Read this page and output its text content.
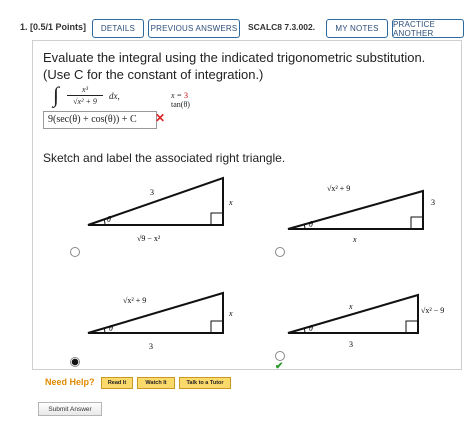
1. [0.5/1 Points]	DETAILS	PREVIOUS ANSWERS	SCALC8 7.3.002.	MY NOTES	PRACTICE ANOTHER
Evaluate the integral using the indicated trigonometric substitution. (Use C for the constant of integration.)
∫	x³
√x² + 9
dx,	x = 3 tan(θ)
9(sec(θ) + cos(θ)) + C	✕
Sketch and label the associated right triangle.
3
x
√9 − x²
θ
√x² + 9
3
x
θ
√x² + 9
x
3
θ
x	√x² − 9
3
θ
✔
Need Help?	Read It	Watch It	Talk to a Tutor
Submit Answer
